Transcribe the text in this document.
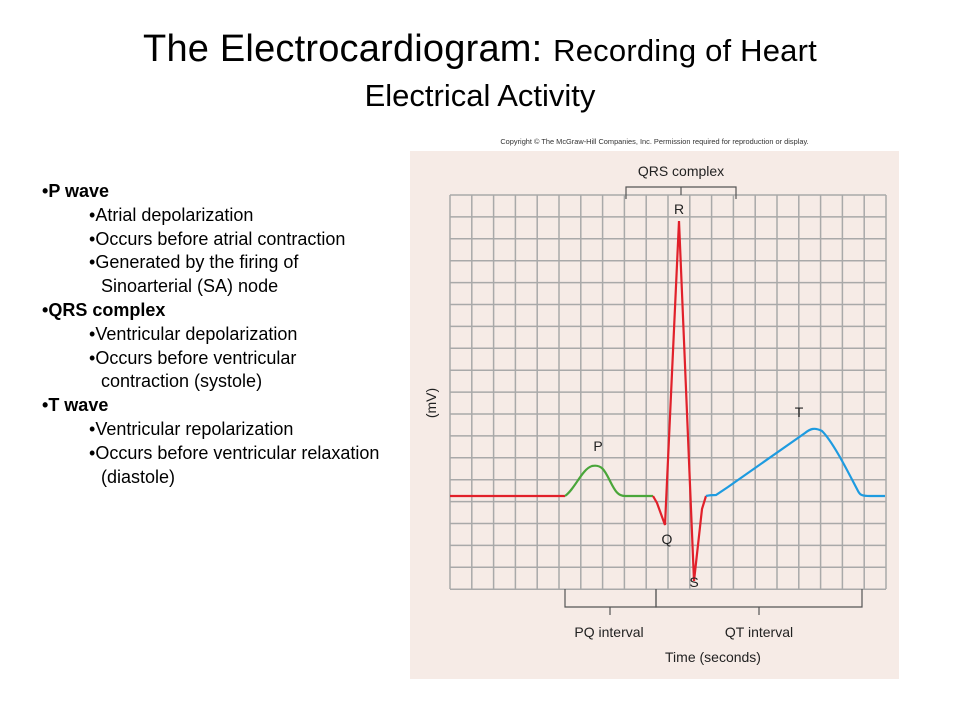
The Electrocardiogram: Recording of Heart
Electrical Activity
•P wave
•Atrial depolarization
•Occurs before atrial contraction
•Generated by the firing of Sinoarterial (SA) node
•QRS complex
•Ventricular depolarization
•Occurs before ventricular contraction (systole)
•T wave
•Ventricular repolarization
•Occurs before ventricular relaxation (diastole)
Copyright © The McGraw-Hill Companies, Inc. Permission required for reproduction or display.
QRS complex
R
P
Q
S
T
(mV)
PQ interval	QT interval
Time (seconds)
